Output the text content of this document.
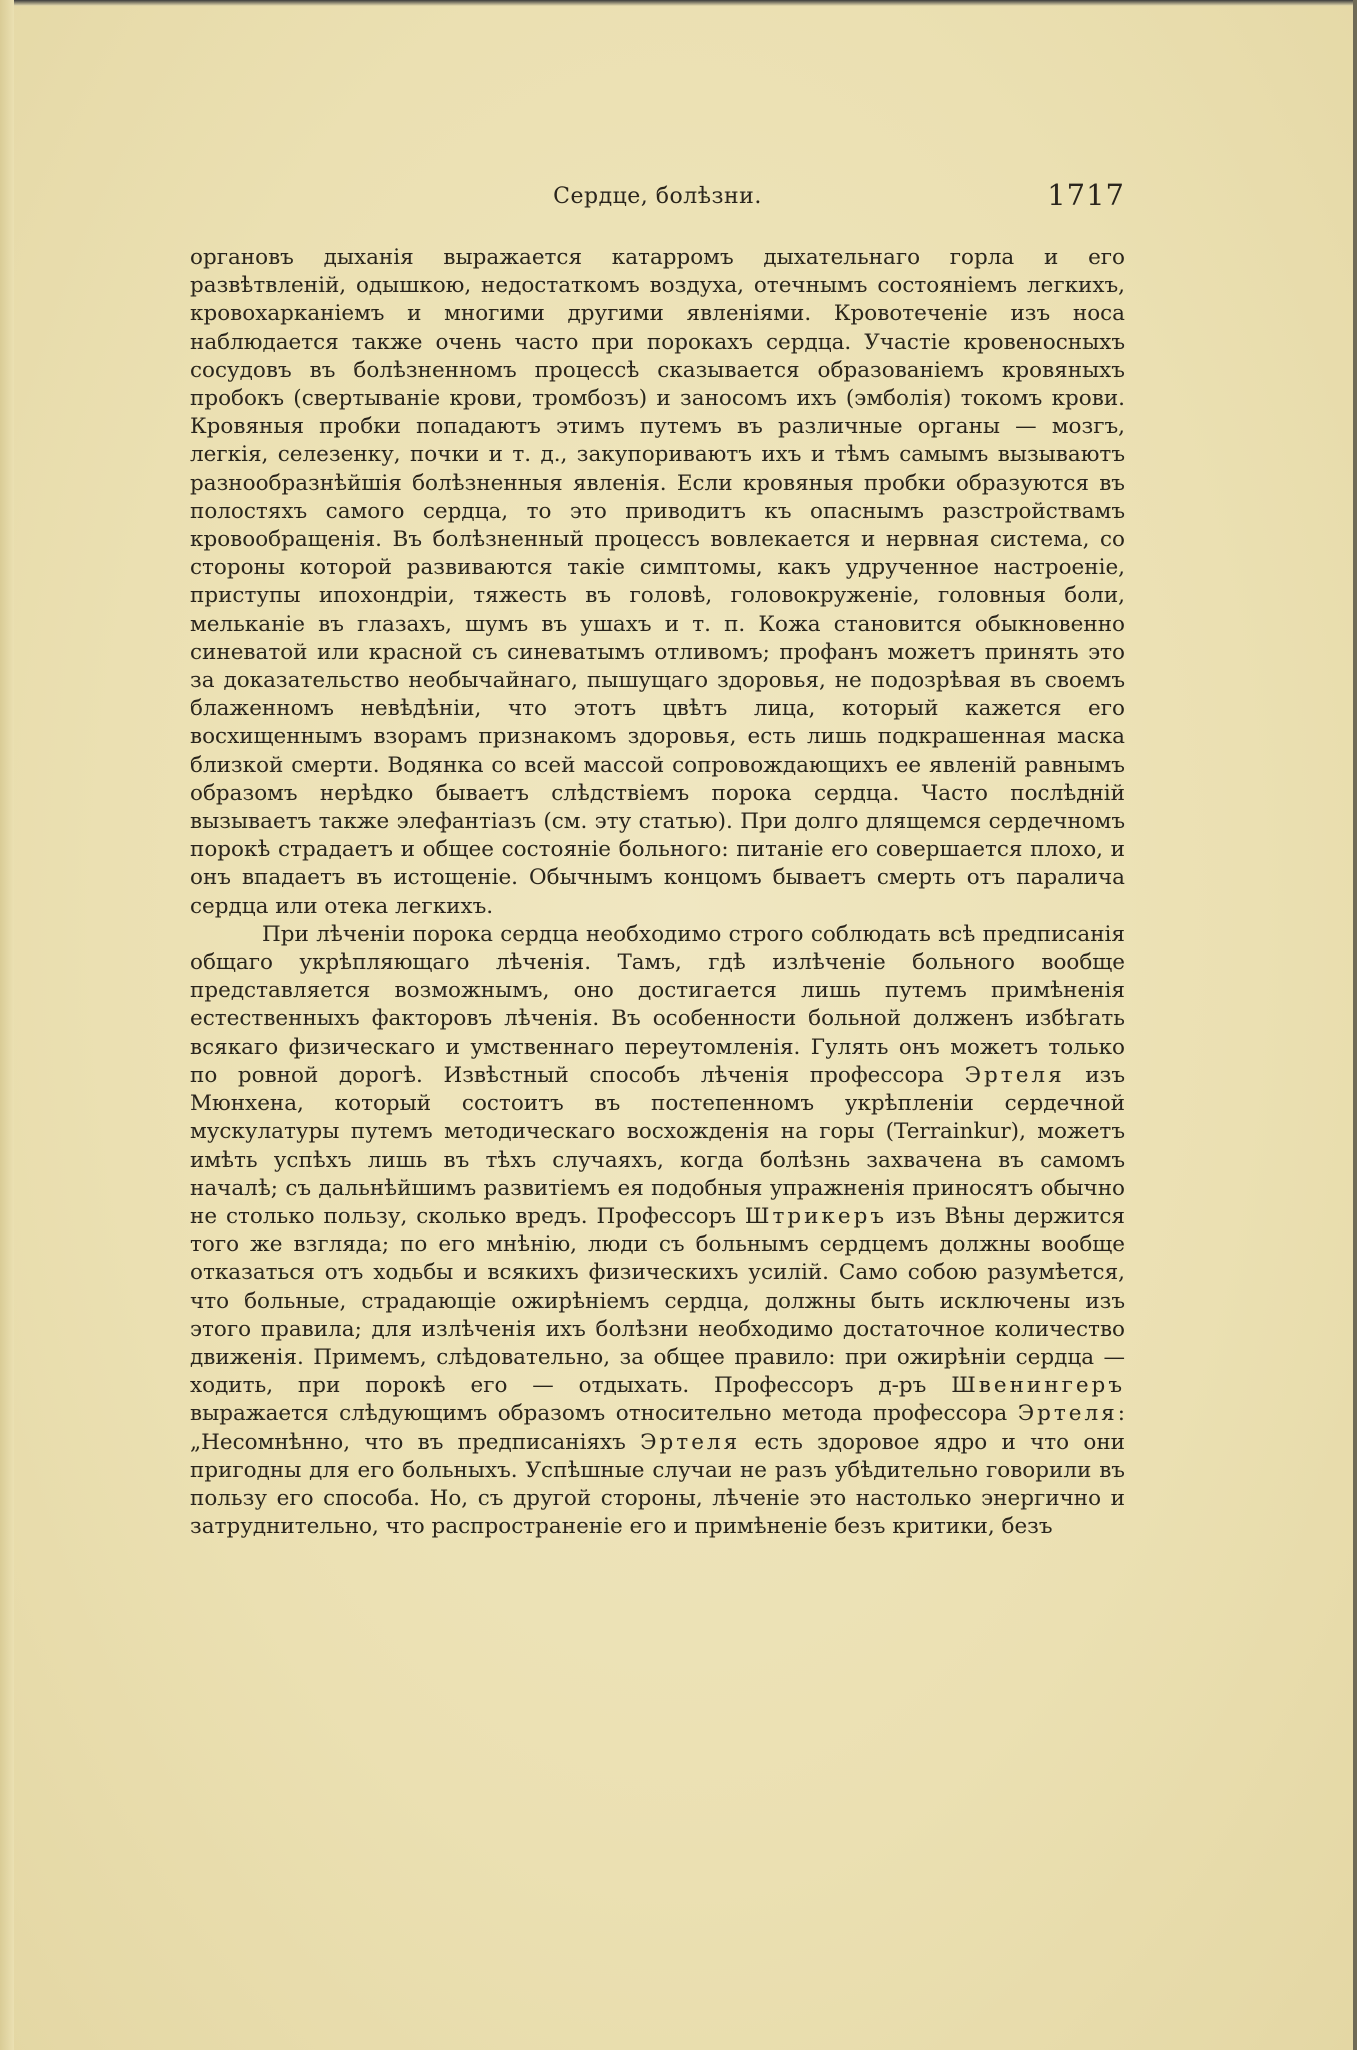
Сердце, болѣзни.	1717

органовъ дыханія выражается катарромъ дыхательнаго горла и его развѣтвленій, одышкою, недостаткомъ воздуха, отечнымъ состояніемъ легкихъ, кровохарканіемъ и многими другими явленіями. Кровотеченіе изъ носа наблюдается также очень часто при порокахъ сердца. Участіе кровеносныхъ сосудовъ въ болѣзненномъ процессѣ сказывается образованіемъ кровяныхъ пробокъ (свертываніе крови, тромбозъ) и заносомъ ихъ (эмболія) токомъ крови. Кровяныя пробки попадаютъ этимъ путемъ въ различные органы — мозгъ, легкія, селезенку, почки и т. д., закупориваютъ ихъ и тѣмъ самымъ вызываютъ разнообразнѣйшія болѣзненныя явленія. Если кровяныя пробки образуются въ полостяхъ самого сердца, то это приводитъ къ опаснымъ разстройствамъ кровообращенія. Въ болѣзненный процессъ вовлекается и нервная система, со стороны которой развиваются такіе симптомы, какъ удрученное настроеніе, приступы ипохондріи, тяжесть въ головѣ, головокруженіе, головныя боли, мельканіе въ глазахъ, шумъ въ ушахъ и т. п. Кожа становится обыкновенно синеватой или красной съ синеватымъ отливомъ; профанъ можетъ принять это за доказательство необычайнаго, пышущаго здоровья, не подозрѣвая въ своемъ блаженномъ невѣдѣніи, что этотъ цвѣтъ лица, который кажется его восхищеннымъ взорамъ признакомъ здоровья, есть лишь подкрашенная маска близкой смерти. Водянка со всей массой сопровождающихъ ее явленій равнымъ образомъ нерѣдко бываетъ слѣдствіемъ порока сердца. Часто послѣдній вызываетъ также элефантіазъ (см. эту статью). При долго длящемся сердечномъ порокѣ страдаетъ и общее состояніе больного: питаніе его совершается плохо, и онъ впадаетъ въ истощеніе. Обычнымъ концомъ бываетъ смерть отъ паралича сердца или отека легкихъ.

При лѣченіи порока сердца необходимо строго соблюдать всѣ предписанія общаго укрѣпляющаго лѣченія. Тамъ, гдѣ излѣченіе больного вообще представляется возможнымъ, оно достигается лишь путемъ примѣненія естественныхъ факторовъ лѣченія. Въ особенности больной долженъ избѣгать всякаго физическаго и умственнаго переутомленія. Гулять онъ можетъ только по ровной дорогѣ. Извѣстный способъ лѣченія профессора Эртеля изъ Мюнхена, который состоитъ въ постепенномъ укрѣпленіи сердечной мускулатуры путемъ методическаго восхожденія на горы (Terrainkur), можетъ имѣть успѣхъ лишь въ тѣхъ случаяхъ, когда болѣзнь захвачена въ самомъ началѣ; съ дальнѣйшимъ развитіемъ ея подобныя упражненія приносятъ обычно не столько пользу, сколько вредъ. Профессоръ Штрикеръ изъ Вѣны держится того же взгляда; по его мнѣнію, люди съ больнымъ сердцемъ должны вообще отказаться отъ ходьбы и всякихъ физическихъ усилій. Само собою разумѣется, что больные, страдающіе ожирѣніемъ сердца, должны быть исключены изъ этого правила; для излѣченія ихъ болѣзни необходимо достаточное количество движенія. Примемъ, слѣдовательно, за общее правило: при ожирѣніи сердца — ходить, при порокѣ его — отдыхать. Профессоръ д-ръ Швенингеръ выражается слѣдующимъ образомъ относительно метода профессора Эртеля: „Несомнѣнно, что въ предписаніяхъ Эртеля есть здоровое ядро и что они пригодны для его больныхъ. Успѣшные случаи не разъ убѣдительно говорили въ пользу его способа. Но, съ другой стороны, лѣченіе это настолько энергично и затруднительно, что распространеніе его и примѣненіе безъ критики, безъ
